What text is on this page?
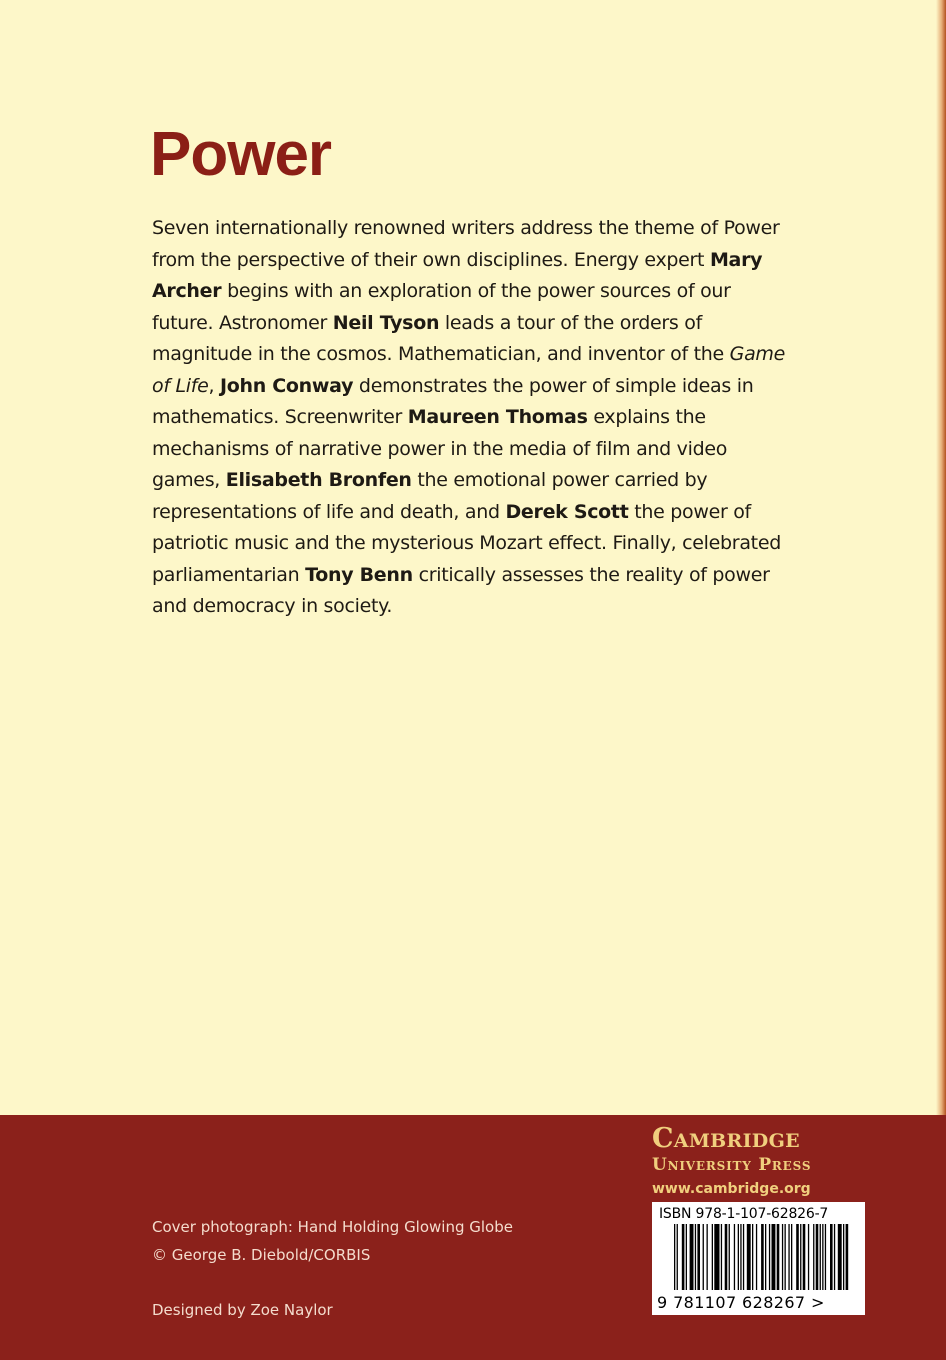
Power

Seven internationally renowned writers address the theme of Power from the perspective of their own disciplines. Energy expert Mary Archer begins with an exploration of the power sources of our future. Astronomer Neil Tyson leads a tour of the orders of magnitude in the cosmos. Mathematician, and inventor of the Game of Life, John Conway demonstrates the power of simple ideas in mathematics. Screenwriter Maureen Thomas explains the mechanisms of narrative power in the media of film and video games, Elisabeth Bronfen the emotional power carried by representations of life and death, and Derek Scott the power of patriotic music and the mysterious Mozart effect. Finally, celebrated parliamentarian Tony Benn critically assesses the reality of power and democracy in society.

Cover photograph: Hand Holding Glowing Globe
© George B. Diebold/CORBIS
Designed by Zoe Naylor
Cambridge
University Press
www.cambridge.org
ISBN 978-1-107-62826-7
9 781107 628267 >
